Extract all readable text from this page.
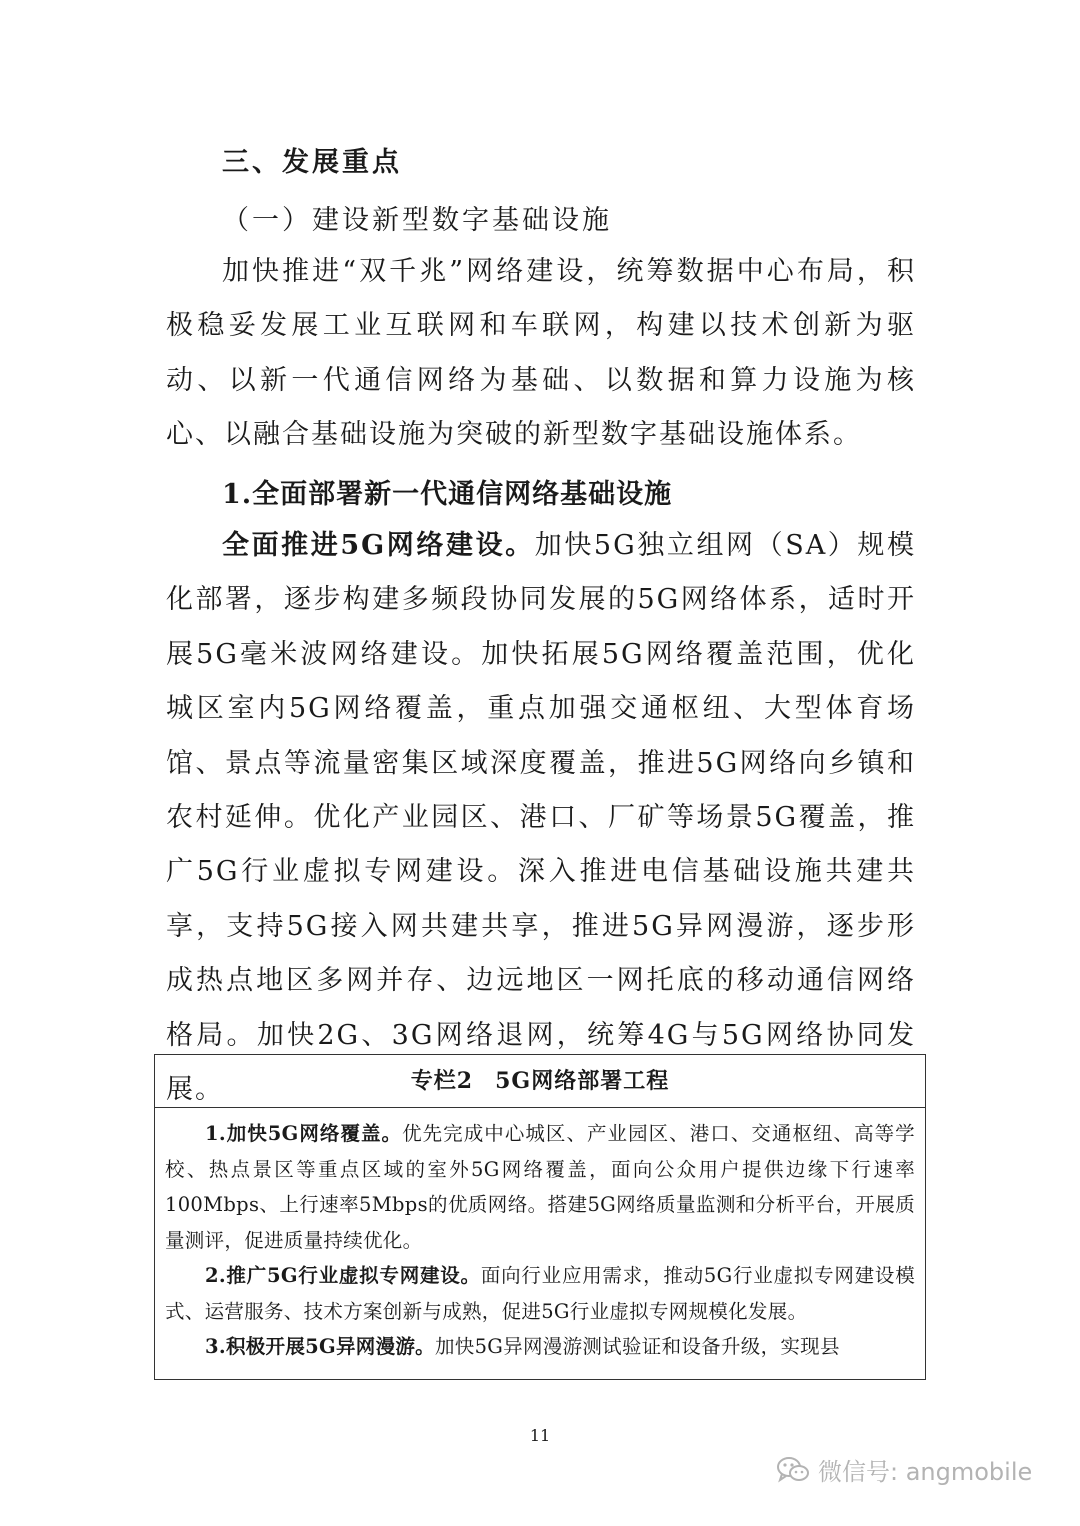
三、发展重点
（一）建设新型数字基础设施

加快推进“双千兆”网络建设，统筹数据中心布局，积极稳妥发展工业互联网和车联网，构建以技术创新为驱动、以新一代通信网络为基础、以数据和算力设施为核心、以融合基础设施为突破的新型数字基础设施体系。

1.全面部署新一代通信网络基础设施

全面推进5G网络建设。加快5G独立组网（SA）规模化部署，逐步构建多频段协同发展的5G网络体系，适时开展5G毫米波网络建设。加快拓展5G网络覆盖范围，优化城区室内5G网络覆盖，重点加强交通枢纽、大型体育场馆、景点等流量密集区域深度覆盖，推进5G网络向乡镇和农村延伸。优化产业园区、港口、厂矿等场景5G覆盖，推广5G行业虚拟专网建设。深入推进电信基础设施共建共享，支持5G接入网共建共享，推进5G异网漫游，逐步形成热点地区多网并存、边远地区一网托底的移动通信网络格局。加快2G、3G网络退网，统筹4G与5G网络协同发展。	专栏2 5G网络部署工程

1.加快5G网络覆盖。优先完成中心城区、产业园区、港口、交通枢纽、高等学校、热点景区等重点区域的室外5G网络覆盖，面向公众用户提供边缘下行速率100Mbps、上行速率5Mbps的优质网络。搭建5G网络质量监测和分析平台，开展质量测评，促进质量持续优化。

2.推广5G行业虚拟专网建设。面向行业应用需求，推动5G行业虚拟专网建设模式、运营服务、技术方案创新与成熟，促进5G行业虚拟专网规模化发展。

3.积极开展5G异网漫游。加快5G异网漫游测试验证和设备升级，实现县

11
微信号: angmobile
